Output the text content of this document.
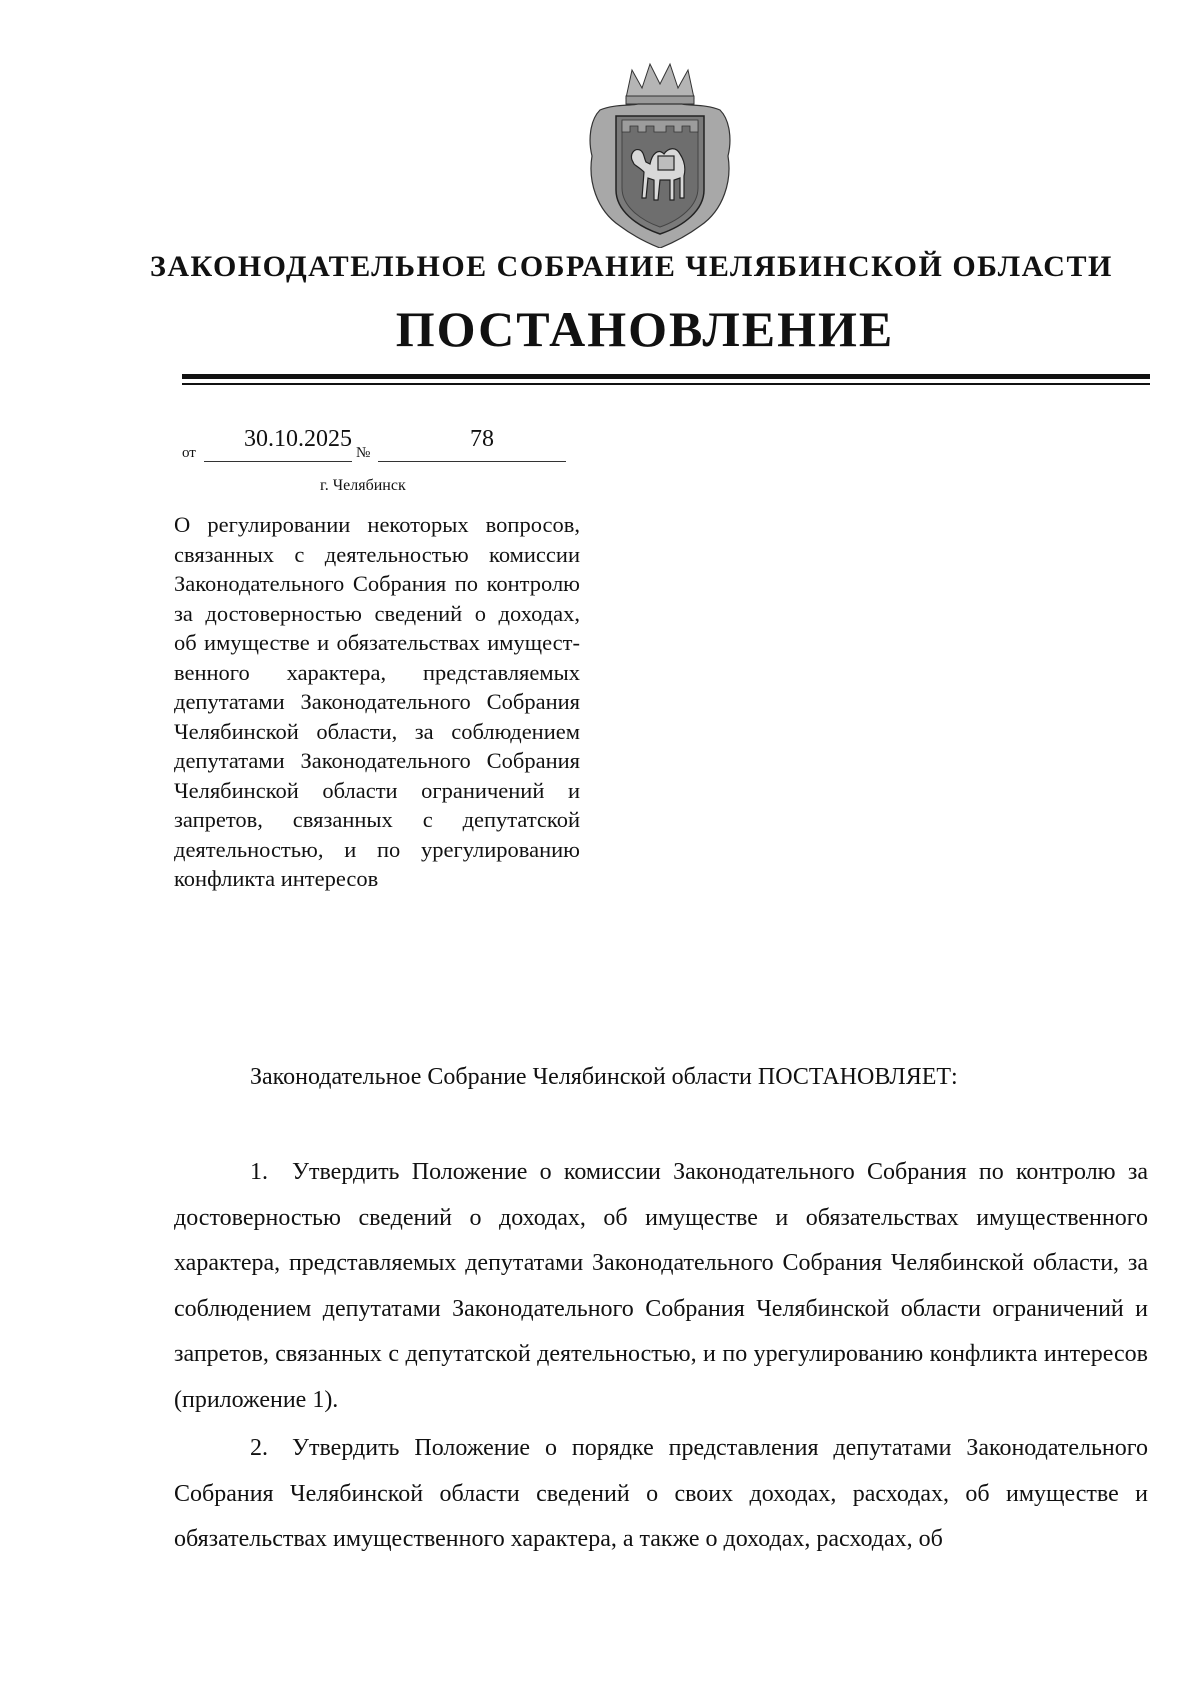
ЗАКОНОДАТЕЛЬНОЕ СОБРАНИЕ ЧЕЛЯБИНСКОЙ ОБЛАСТИ
ПОСТАНОВЛЕНИЕ
от
30.10.2025
№
78
г. Челябинск
О регулировании некоторых вопросов, связанных с деятельностью комиссии Законодательного Собрания по контролю за достоверностью сведений о доходах, об имуществе и обязательствах имущественного характера, представляемых депутатами Законодательного Собрания Челябинской области, за соблюдением депутатами Законодательного Собрания Челябинской области ограничений и запретов, связанных с депутатской деятельностью, и по урегулированию конфликта интересов
Законодательное Собрание Челябинской области ПОСТАНОВЛЯЕТ:
1. Утвердить Положение о комиссии Законодательного Собрания по контролю за достоверностью сведений о доходах, об имуществе и обязательствах имущественного характера, представляемых депутатами Законодательного Собрания Челябинской области, за соблюдением депутатами Законодательного Собрания Челябинской области ограничений и запретов, связанных с депутатской деятельностью, и по урегулированию конфликта интересов (приложение 1).
2. Утвердить Положение о порядке представления депутатами Законодательного Собрания Челябинской области сведений о своих доходах, расходах, об имуществе и обязательствах имущественного характера, а также о доходах, расходах, об
